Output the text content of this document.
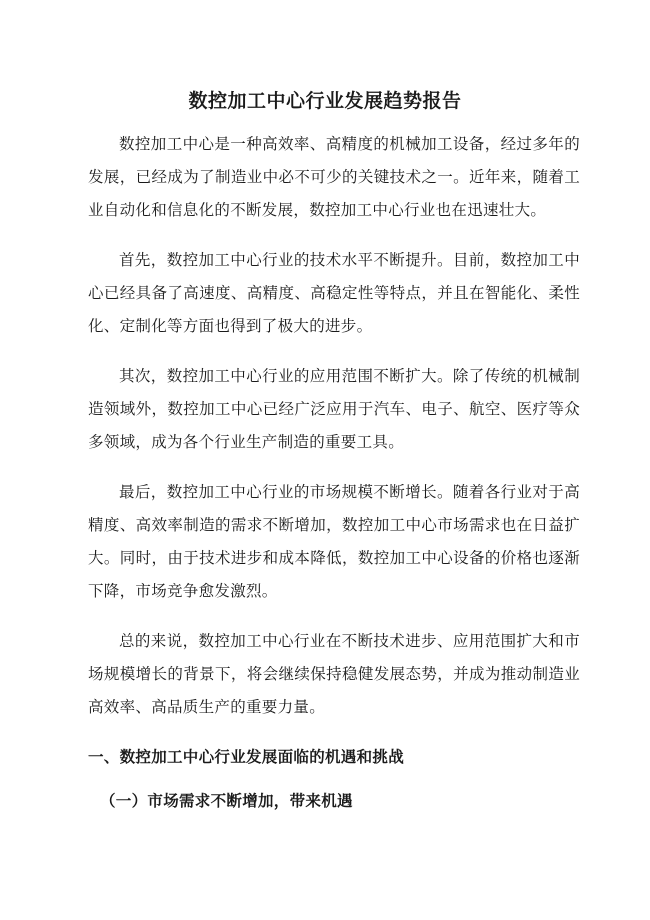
数控加工中心行业发展趋势报告

数控加工中心是一种高效率、高精度的机械加工设备，经过多年的发展，已经成为了制造业中必不可少的关键技术之一。近年来，随着工业自动化和信息化的不断发展，数控加工中心行业也在迅速壮大。

首先，数控加工中心行业的技术水平不断提升。目前，数控加工中心已经具备了高速度、高精度、高稳定性等特点，并且在智能化、柔性化、定制化等方面也得到了极大的进步。

其次，数控加工中心行业的应用范围不断扩大。除了传统的机械制造领域外，数控加工中心已经广泛应用于汽车、电子、航空、医疗等众多领域，成为各个行业生产制造的重要工具。

最后，数控加工中心行业的市场规模不断增长。随着各行业对于高精度、高效率制造的需求不断增加，数控加工中心市场需求也在日益扩大。同时，由于技术进步和成本降低，数控加工中心设备的价格也逐渐下降，市场竞争愈发激烈。

总的来说，数控加工中心行业在不断技术进步、应用范围扩大和市场规模增长的背景下，将会继续保持稳健发展态势，并成为推动制造业高效率、高品质生产的重要力量。

一、数控加工中心行业发展面临的机遇和挑战
（一）市场需求不断增加，带来机遇
